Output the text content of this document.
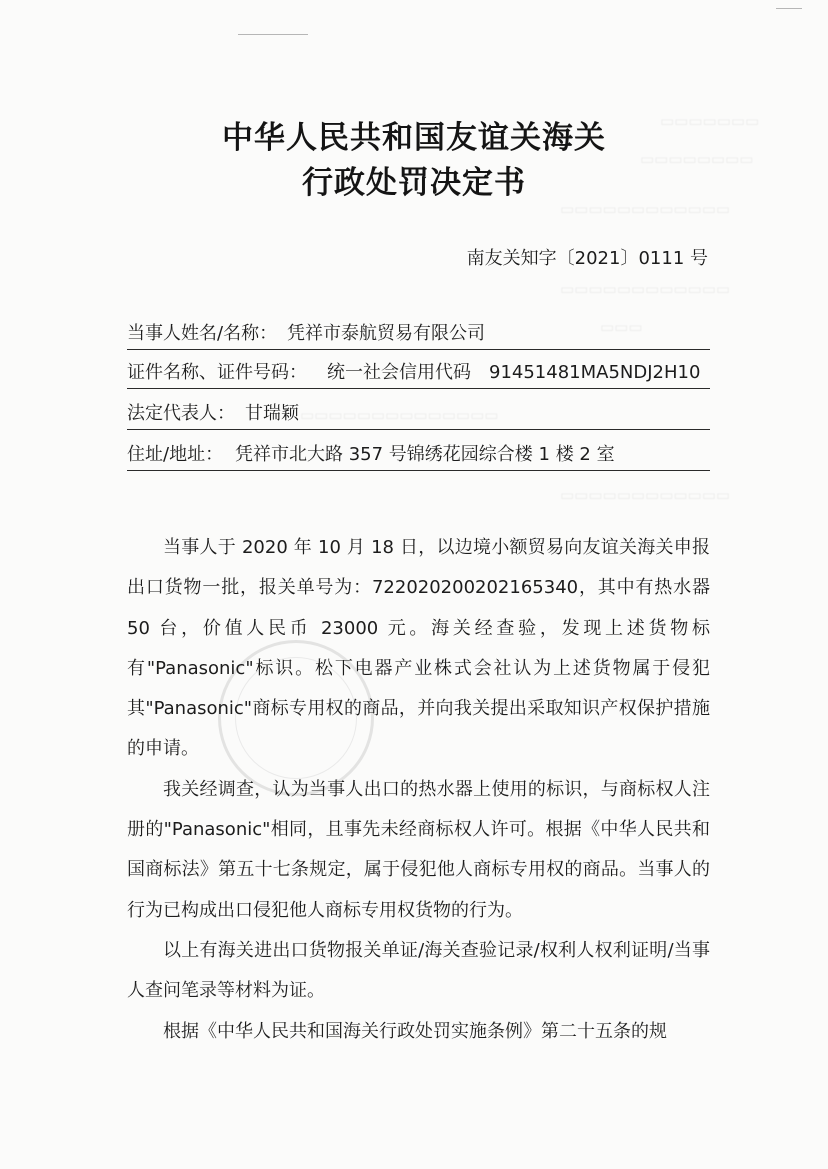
▭▭▭▭▭▭▭
▭▭▭▭▭▭▭▭
▭▭▭▭▭▭▭▭▭▭▭▭
▭▭▭▭▭▭▭▭▭▭▭▭
▭▭▭
▭▭▭▭▭▭▭▭▭▭▭▭▭▭
▭▭▭▭▭▭▭▭▭▭▭▭
中华人民共和国友谊关海关
行政处罚决定书
南友关知字〔2021〕0111 号
当事人姓名/名称： 凭祥市泰航贸易有限公司
证件名称、证件号码： 统一社会信用代码　91451481MA5NDJ2H10
法定代表人： 甘瑞颖
住址/地址： 凭祥市北大路 357 号锦绣花园综合楼 1 楼 2 室

当事人于 2020 年 10 月 18 日，以边境小额贸易向友谊关海关申报出口货物一批，报关单号为：722020200202165340，其中有热水器 50 台，价值人民币 23000 元。海关经查验，发现上述货物标有"Panasonic"标识。松下电器产业株式会社认为上述货物属于侵犯其"Panasonic"商标专用权的商品，并向我关提出采取知识产权保护措施的申请。

我关经调查，认为当事人出口的热水器上使用的标识，与商标权人注册的"Panasonic"相同，且事先未经商标权人许可。根据《中华人民共和国商标法》第五十七条规定，属于侵犯他人商标专用权的商品。当事人的行为已构成出口侵犯他人商标专用权货物的行为。

以上有海关进出口货物报关单证/海关查验记录/权利人权利证明/当事人查问笔录等材料为证。

根据《中华人民共和国海关行政处罚实施条例》第二十五条的规
